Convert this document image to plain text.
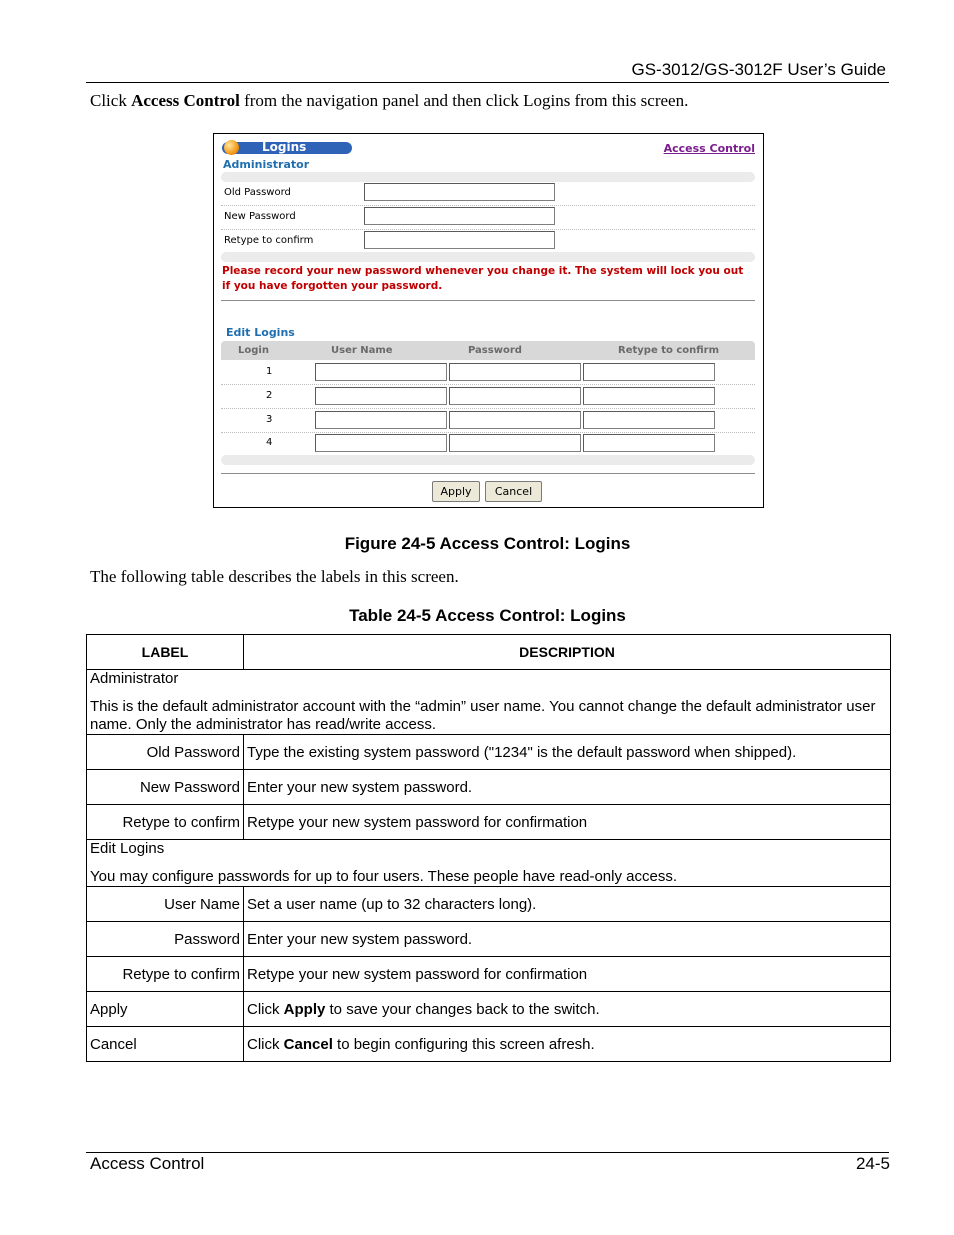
GS-3012/GS-3012F User’s Guide
Click Access Control from the navigation panel and then click Logins from this screen.
Logins
Administrator
Access Control
Old Password
New Password
Retype to confirm
Please record your new password whenever you change it. The system will lock you out if you have forgotten your password.
Edit Logins
Login	User Name	Password	Retype to confirm
1
2
3
4
Apply	Cancel
Figure 24-5 Access Control: Logins
The following table describes the labels in this screen.
Table 24-5 Access Control: Logins
LABEL	DESCRIPTION

Administrator

This is the default administrator account with the “admin” user name. You cannot change the default administrator user name. Only the administrator has read/write access.	

Old Password	Type the existing system password ("1234" is the default password when shipped).
New Password	Enter your new system password.
Retype to confirm	Retype your new system password for confirmation

Edit Logins

You may configure passwords for up to four users. These people have read-only access.	

User Name	Set a user name (up to 32 characters long).
Password	Enter your new system password.
Retype to confirm	Retype your new system password for confirmation
Apply	Click Apply to save your changes back to the switch.
Cancel	Click Cancel to begin configuring this screen afresh.
Access Control	24-5
